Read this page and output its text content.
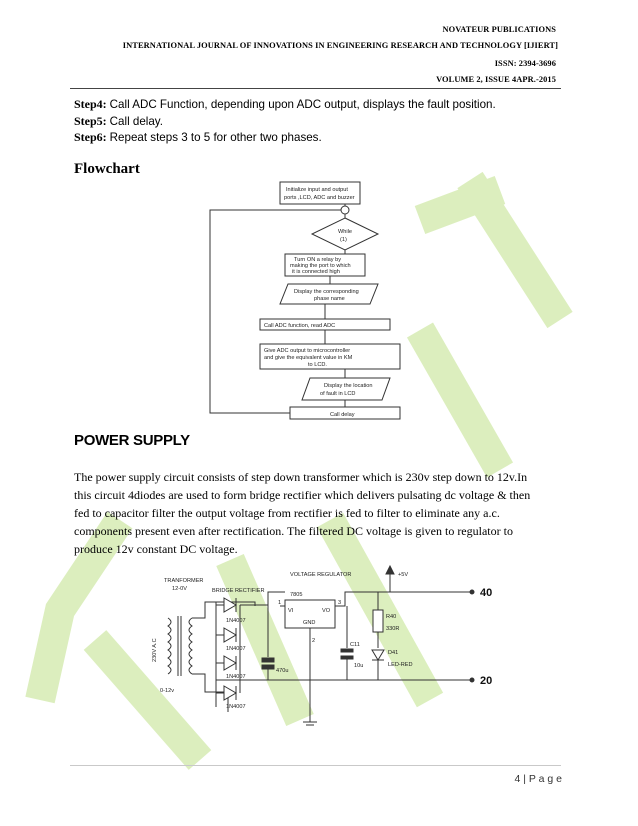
NOVATEUR PUBLICATIONS
INTERNATIONAL JOURNAL OF INNOVATIONS IN ENGINEERING RESEARCH AND TECHNOLOGY [IJIERT]
ISSN: 2394-3696
VOLUME 2, ISSUE 4APR.-2015
Step4: Call ADC Function, depending upon ADC output, displays the fault position.
Step5: Call delay.
Step6: Repeat steps 3 to 5 for other two phases.
Flowchart
Initialize input and output
ports ,LCD, ADC and buzzer
While
(1)
Turn ON a relay by
making the port to which
it is connected high
Display the corresponding
phase name
Call ADC function, read ADC
Give ADC output to microcontroller
and give the equivalent value in KM
to LCD.
Display the location
of fault in LCD
Call delay
POWER SUPPLY
The power supply circuit consists of step down transformer which is 230v step down to 12v.In
this circuit 4diodes are used to form bridge rectifier which delivers pulsating dc voltage & then
fed to capacitor filter the output voltage from rectifier is fed to filter to eliminate any a.c.
components present even after rectification. The filtered DC voltage is given to regulator to
produce 12v constant DC voltage.
TRANFORMER
12-0V	BRIDGE RECTIFIER
VOLTAGE REGULATOR
0-12v
230V A.C
1N4007
1N4007
1N4007
1N4007
470u
7805
VI	VO
GND
1
2
3
C11
10u
R40
330R
D41
LED-RED
+5V
40
20
4 | P a g e
